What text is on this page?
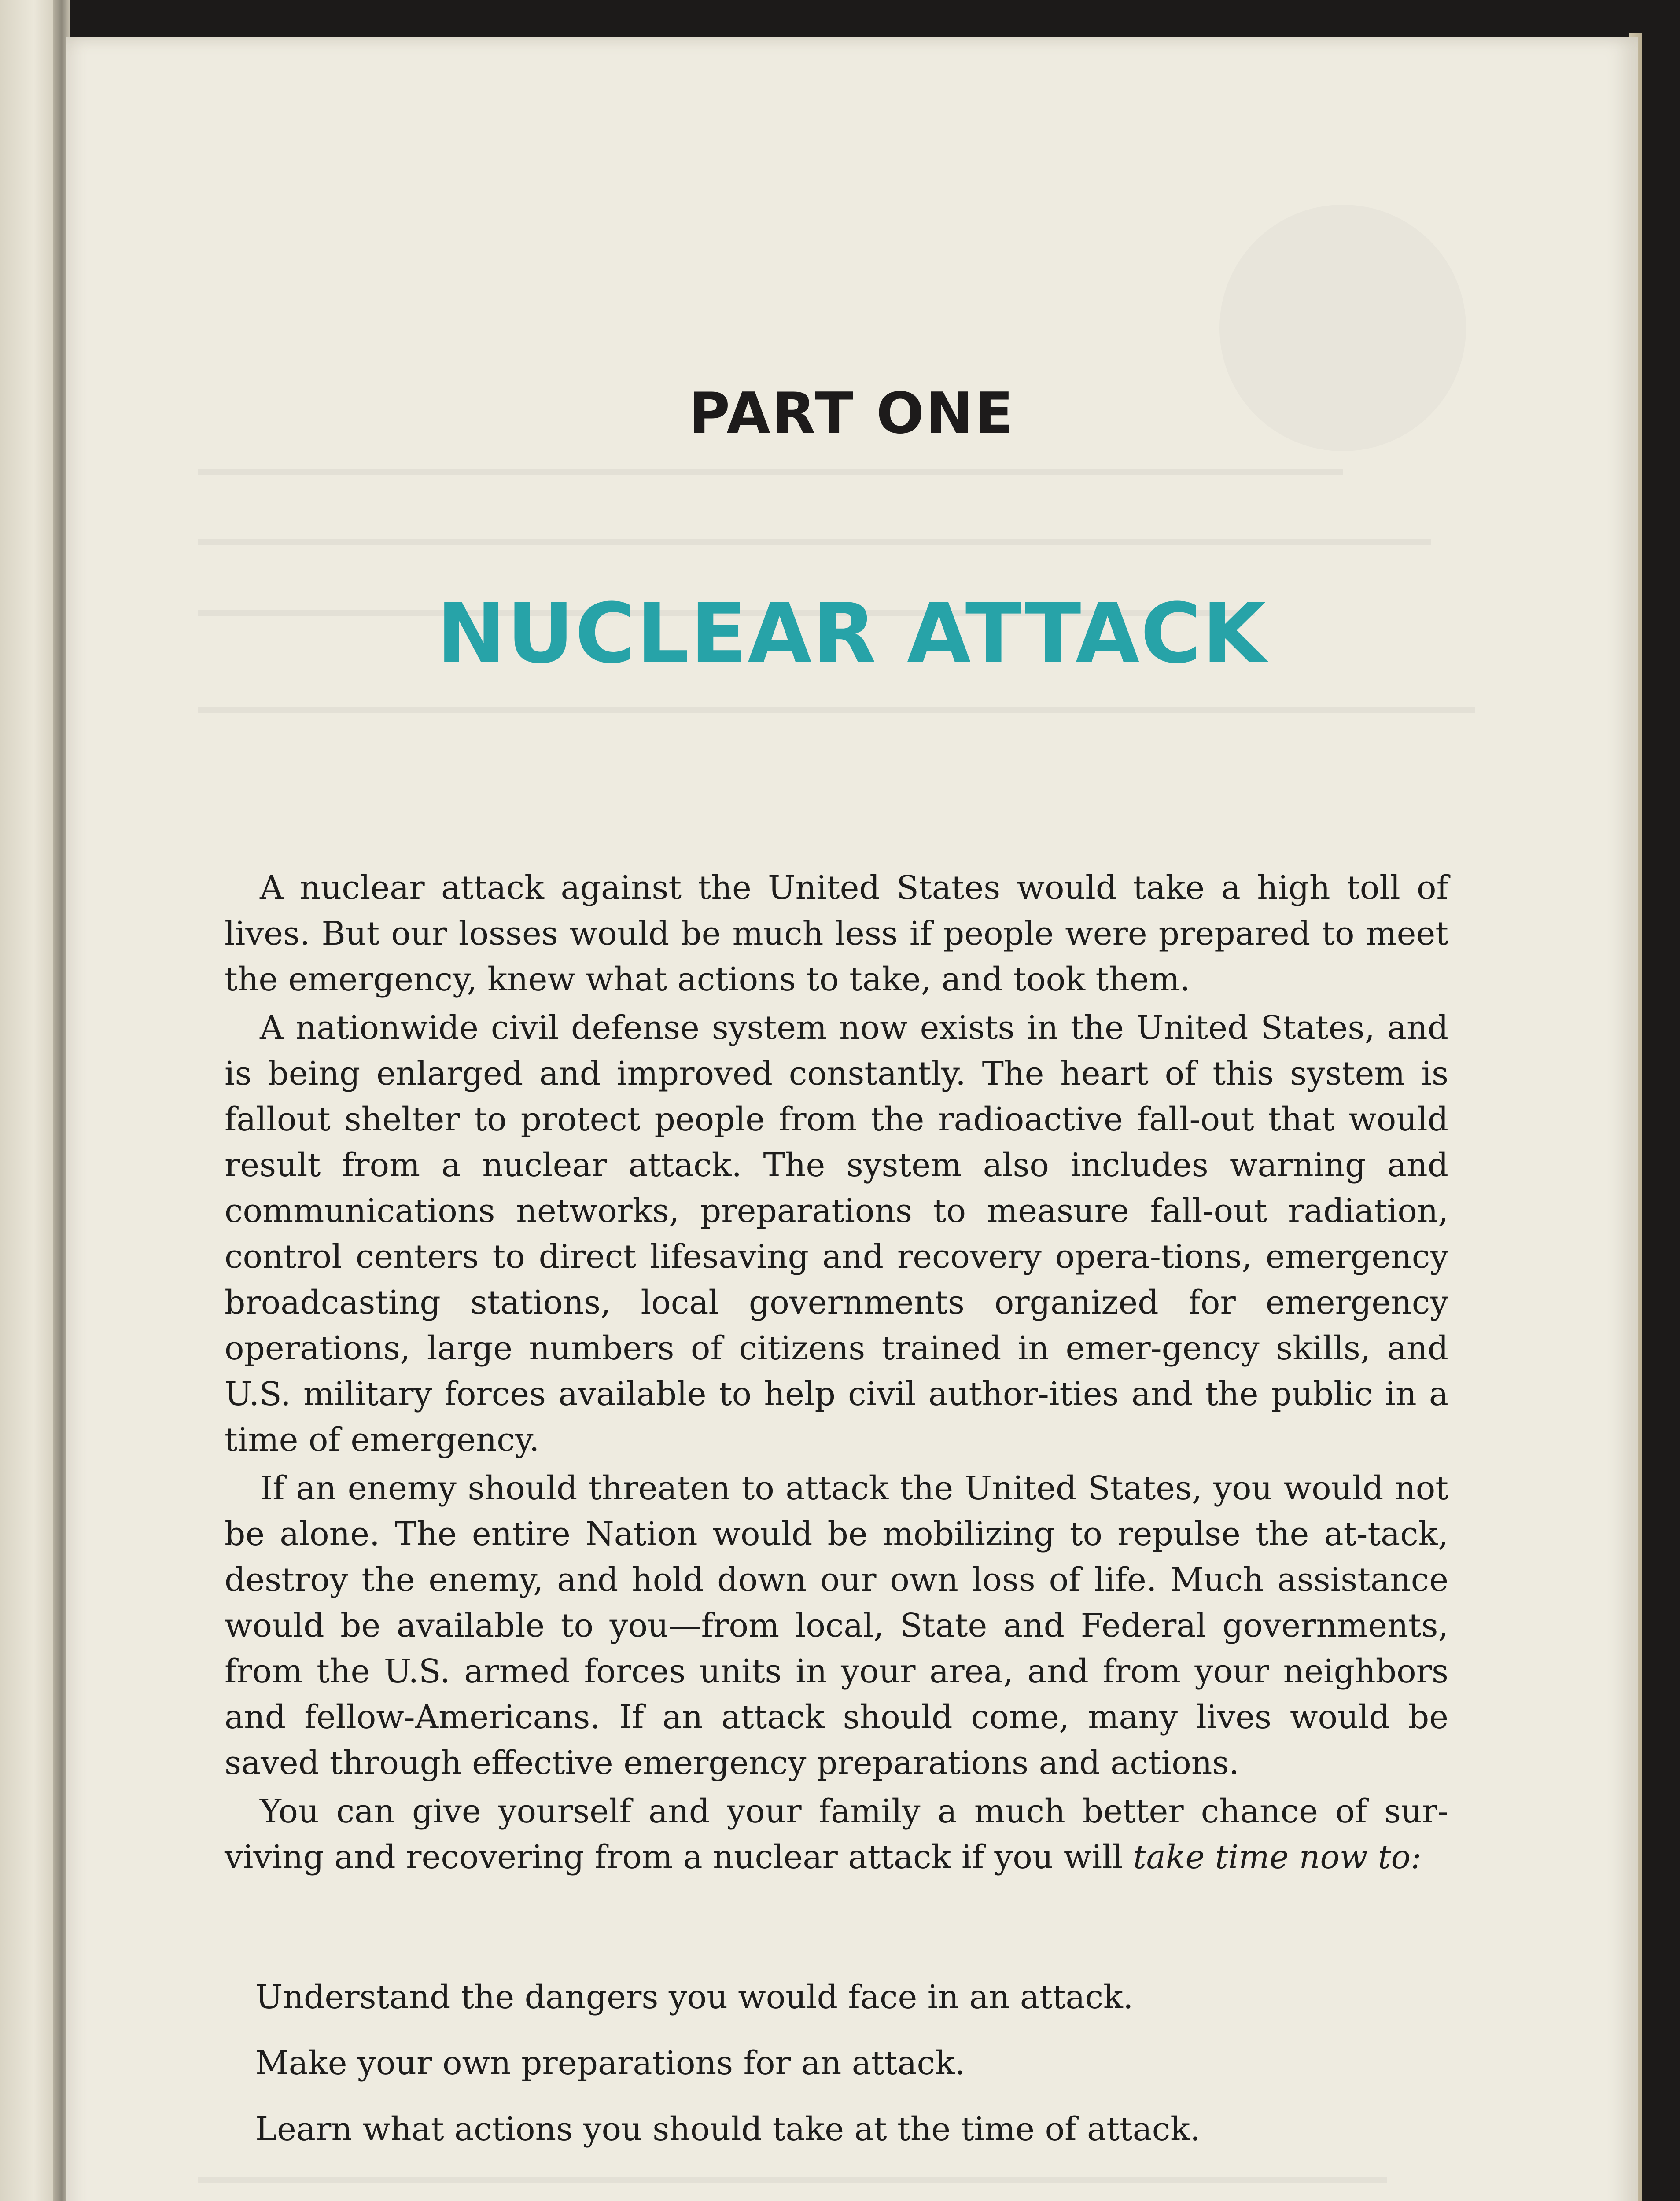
PART ONE
NUCLEAR ATTACK

A nuclear attack against the United States would take a high toll of lives. But our losses would be much less if people were prepared to meet the emergency, knew what actions to take, and took them.

A nationwide civil defense system now exists in the United States, and is being enlarged and improved constantly. The heart of this system is fallout shelter to protect people from the radioactive fall-out that would result from a nuclear attack. The system also includes warning and communications networks, preparations to measure fall-out radiation, control centers to direct lifesaving and recovery opera-tions, emergency broadcasting stations, local governments organized for emergency operations, large numbers of citizens trained in emer-gency skills, and U.S. military forces available to help civil author-ities and the public in a time of emergency.

If an enemy should threaten to attack the United States, you would not be alone. The entire Nation would be mobilizing to repulse the at-tack, destroy the enemy, and hold down our own loss of life. Much assistance would be available to you—from local, State and Federal governments, from the U.S. armed forces units in your area, and from your neighbors and fellow-Americans. If an attack should come, many lives would be saved through effective emergency preparations and actions.

You can give yourself and your family a much better chance of sur-viving and recovering from a nuclear attack if you will take time now to:

Understand the dangers you would face in an attack.
Make your own preparations for an attack.
Learn what actions you should take at the time of attack.
